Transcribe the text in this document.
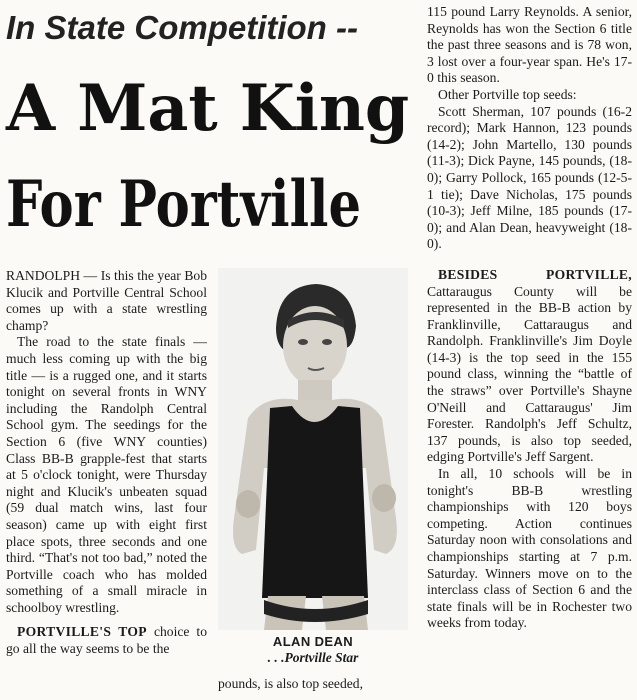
In State Competition --
A Mat King
For Portville

RANDOLPH — Is this the year Bob Klucik and Portville Central School comes up with a state wrestling champ?

The road to the state finals — much less coming up with the big title — is a rugged one, and it starts tonight on several fronts in WNY including the Randolph Central School gym. The seedings for the Section 6 (five WNY counties) Class BB-B grapple-fest that starts at 5 o'clock tonight, were Thursday night and Klucik's unbeaten squad (59 dual match wins, last four season) came up with eight first place spots, three seconds and one third. “That's not too bad,” noted the Portville coach who has molded something of a small miracle in schoolboy wrestling.

PORTVILLE'S TOP choice to go all the way seems to be the	ALAN DEAN
. . .Portville Star

pounds, is also top seeded,

115 pound Larry Reynolds. A senior, Reynolds has won the Section 6 title the past three seasons and is 78 won, 3 lost over a four-year span. He's 17-0 this season.

Other Portville top seeds:

Scott Sherman, 107 pounds (16-2 record); Mark Hannon, 123 pounds (14-2); John Martello, 130 pounds (11-3); Dick Payne, 145 pounds, (18-0); Garry Pollock, 165 pounds (12-5-1 tie); Dave Nicholas, 175 pounds (10-3); Jeff Milne, 185 pounds (17-0); and Alan Dean, heavyweight (18-0).

BESIDES PORTVILLE, Cattaraugus County will be represented in the BB-B action by Franklinville, Cattaraugus and Randolph. Franklinville's Jim Doyle (14-3) is the top seed in the 155 pound class, winning the “battle of the straws” over Portville's Shayne O'Neill and Cattaraugus' Jim Forester. Randolph's Jeff Schultz, 137 pounds, is also top seeded, edging Portville's Jeff Sargent.

In all, 10 schools will be in tonight's BB-B wrestling championships with 120 boys competing. Action continues Saturday noon with consolations and championships starting at 7 p.m. Saturday. Winners move on to the interclass class of Section 6 and the state finals will be in Rochester two weeks from today.
